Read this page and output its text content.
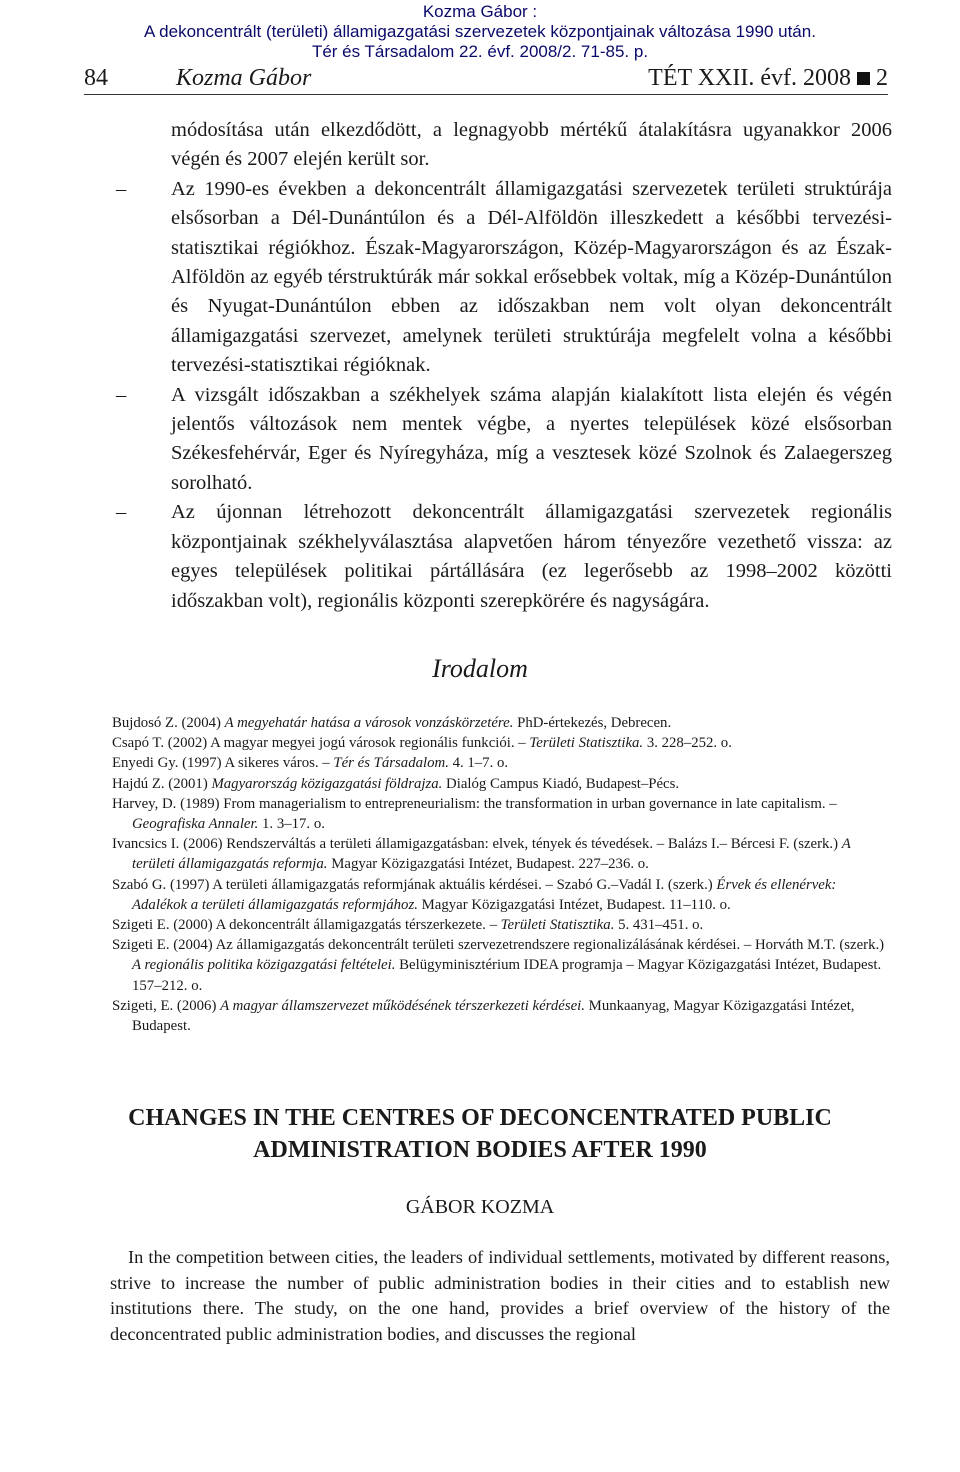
Kozma Gábor :
A dekoncentrált (területi) államigazgatási szervezetek központjainak változása 1990 után.
Tér és Társadalom 22. évf. 2008/2. 71-85. p.
84	Kozma Gábor	TÉT XXII. évf. 2008 2

módosítása után elkezdődött, a legnagyobb mértékű átalakításra ugyanakkor 2006 végén és 2007 elején került sor.

– Az 1990-es években a dekoncentrált államigazgatási szervezetek területi struktúrája elsősorban a Dél-Dunántúlon és a Dél-Alföldön illeszkedett a későbbi tervezési-statisztikai régiókhoz. Észak-Magyarországon, Közép-Magyarországon és az Észak-Alföldön az egyéb térstruktúrák már sokkal erősebbek voltak, míg a Közép-Dunántúlon és Nyugat-Dunántúlon ebben az időszakban nem volt olyan dekoncentrált államigazgatási szervezet, amelynek területi struktúrája megfelelt volna a későbbi tervezési-statisztikai régióknak.
– A vizsgált időszakban a székhelyek száma alapján kialakított lista elején és végén jelentős változások nem mentek végbe, a nyertes települések közé elsősorban Székesfehérvár, Eger és Nyíregyháza, míg a vesztesek közé Szolnok és Zalaegerszeg sorolható.
– Az újonnan létrehozott dekoncentrált államigazgatási szervezetek regionális központjainak székhelyválasztása alapvetően három tényezőre vezethető vissza: az egyes települések politikai pártállására (ez legerősebb az 1998–2002 közötti időszakban volt), regionális központi szerepkörére és nagyságára.
Irodalom

Bujdosó Z. (2004) A megyehatár hatása a városok vonzáskörzetére. PhD-értekezés, Debrecen.

Csapó T. (2002) A magyar megyei jogú városok regionális funkciói. – Területi Statisztika. 3. 228–252. o.

Enyedi Gy. (1997) A sikeres város. – Tér és Társadalom. 4. 1–7. o.

Hajdú Z. (2001) Magyarország közigazgatási földrajza. Dialóg Campus Kiadó, Budapest–Pécs.

Harvey, D. (1989) From managerialism to entrepreneurialism: the transformation in urban governance in late capitalism. – Geografiska Annaler. 1. 3–17. o.

Ivancsics I. (2006) Rendszerváltás a területi államigazgatásban: elvek, tények és tévedések. – Balázs I.– Bércesi F. (szerk.) A területi államigazgatás reformja. Magyar Közigazgatási Intézet, Budapest. 227–236. o.

Szabó G. (1997) A területi államigazgatás reformjának aktuális kérdései. – Szabó G.–Vadál I. (szerk.) Érvek és ellenérvek: Adalékok a területi államigazgatás reformjához. Magyar Közigazgatási Intézet, Budapest. 11–110. o.

Szigeti E. (2000) A dekoncentrált államigazgatás térszerkezete. – Területi Statisztika. 5. 431–451. o.

Szigeti E. (2004) Az államigazgatás dekoncentrált területi szervezetrendszere regionalizálásának kérdései. – Horváth M.T. (szerk.) A regionális politika közigazgatási feltételei. Belügyminisztérium IDEA programja – Magyar Közigazgatási Intézet, Budapest. 157–212. o.

Szigeti, E. (2006) A magyar államszervezet működésének térszerkezeti kérdései. Munkaanyag, Magyar Közigazgatási Intézet, Budapest.

CHANGES IN THE CENTRES OF DECONCENTRATED PUBLIC
ADMINISTRATION BODIES AFTER 1990
GÁBOR KOZMA

In the competition between cities, the leaders of individual settlements, motivated by different reasons, strive to increase the number of public administration bodies in their cities and to establish new institutions there. The study, on the one hand, provides a brief overview of the history of the deconcentrated public administration bodies, and discusses the regional
